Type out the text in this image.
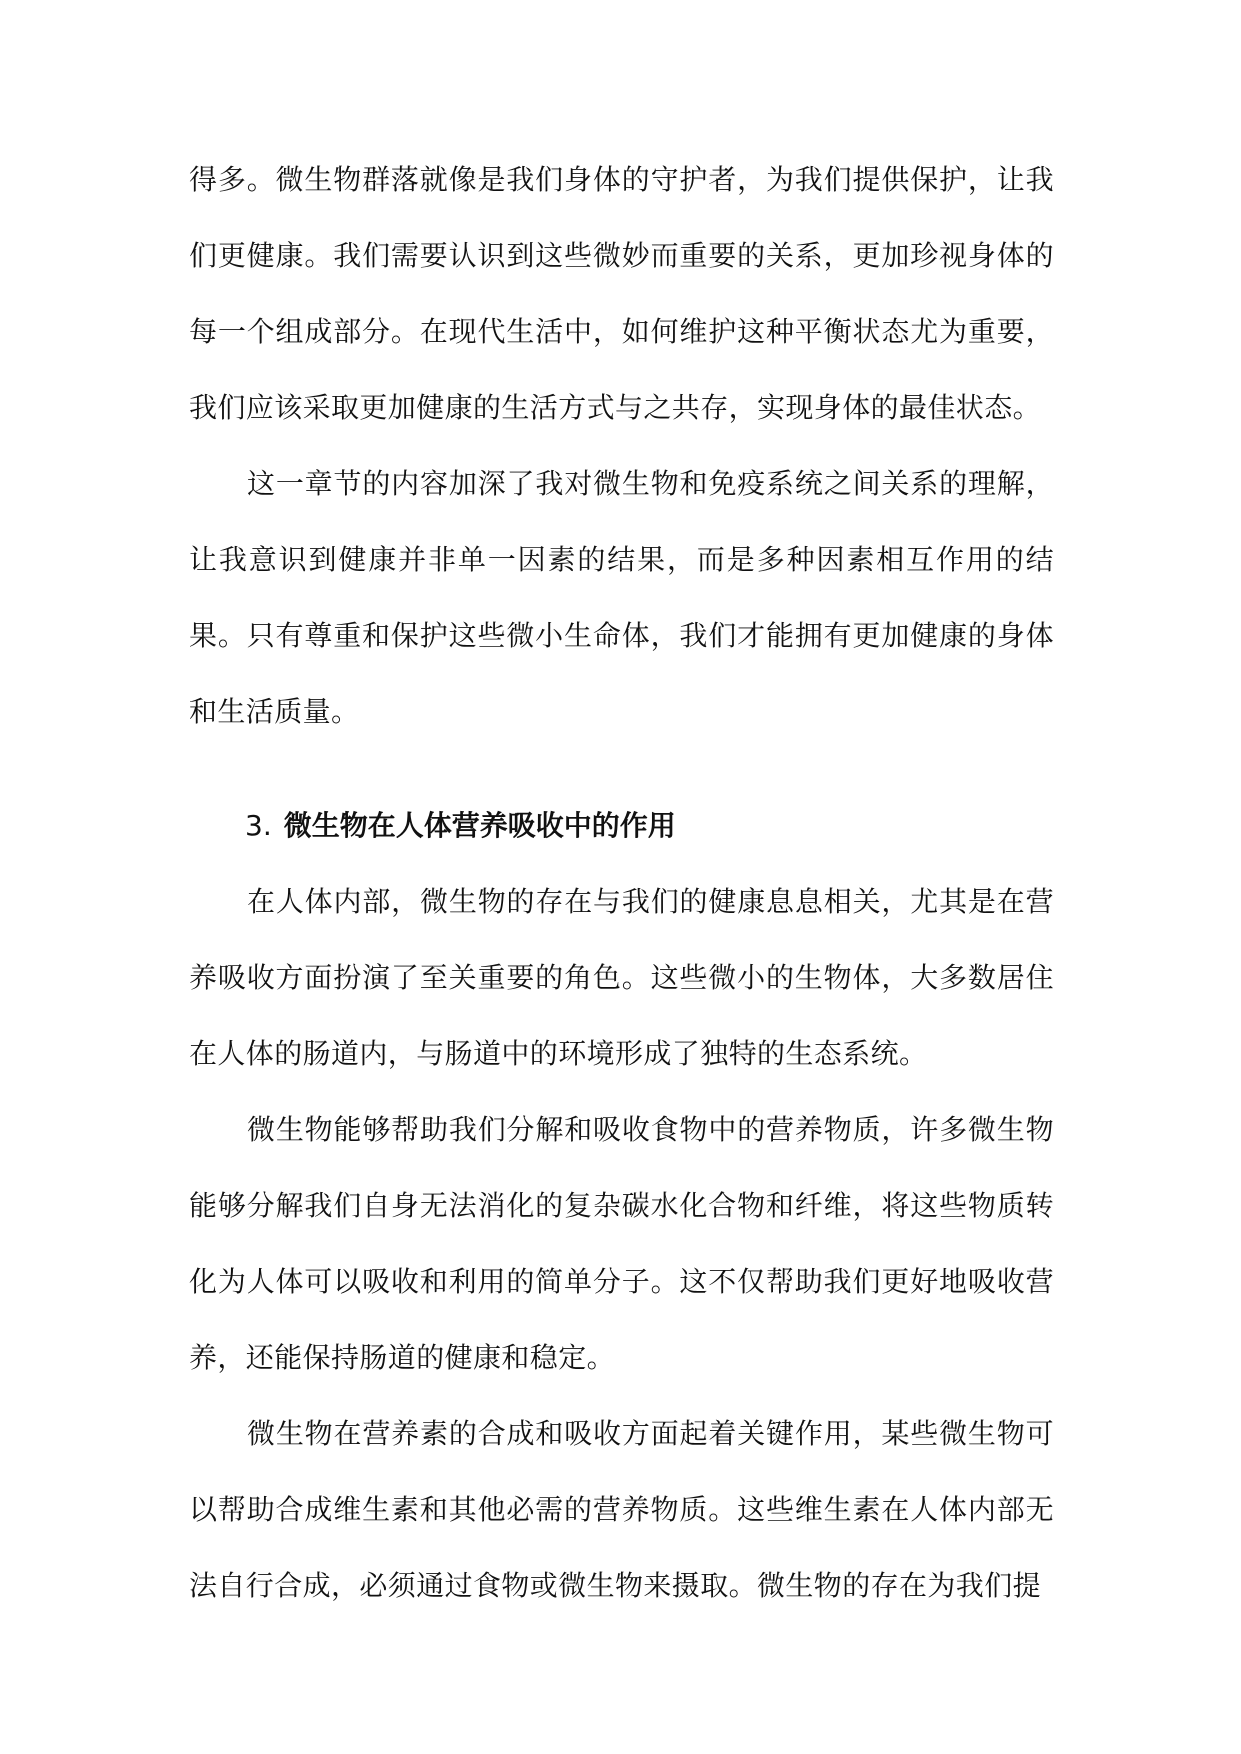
得多。微生物群落就像是我们身体的守护者，为我们提供保护，让我们更健康。我们需要认识到这些微妙而重要的关系，更加珍视身体的每一个组成部分。在现代生活中，如何维护这种平衡状态尤为重要，我们应该采取更加健康的生活方式与之共存，实现身体的最佳状态。

这一章节的内容加深了我对微生物和免疫系统之间关系的理解，让我意识到健康并非单一因素的结果，而是多种因素相互作用的结果。只有尊重和保护这些微小生命体，我们才能拥有更加健康的身体和生活质量。

3. 微生物在人体营养吸收中的作用

在人体内部，微生物的存在与我们的健康息息相关，尤其是在营养吸收方面扮演了至关重要的角色。这些微小的生物体，大多数居住在人体的肠道内，与肠道中的环境形成了独特的生态系统。

微生物能够帮助我们分解和吸收食物中的营养物质，许多微生物能够分解我们自身无法消化的复杂碳水化合物和纤维，将这些物质转化为人体可以吸收和利用的简单分子。这不仅帮助我们更好地吸收营养，还能保持肠道的健康和稳定。

微生物在营养素的合成和吸收方面起着关键作用，某些微生物可以帮助合成维生素和其他必需的营养物质。这些维生素在人体内部无法自行合成，必须通过食物或微生物来摄取。微生物的存在为我们提
